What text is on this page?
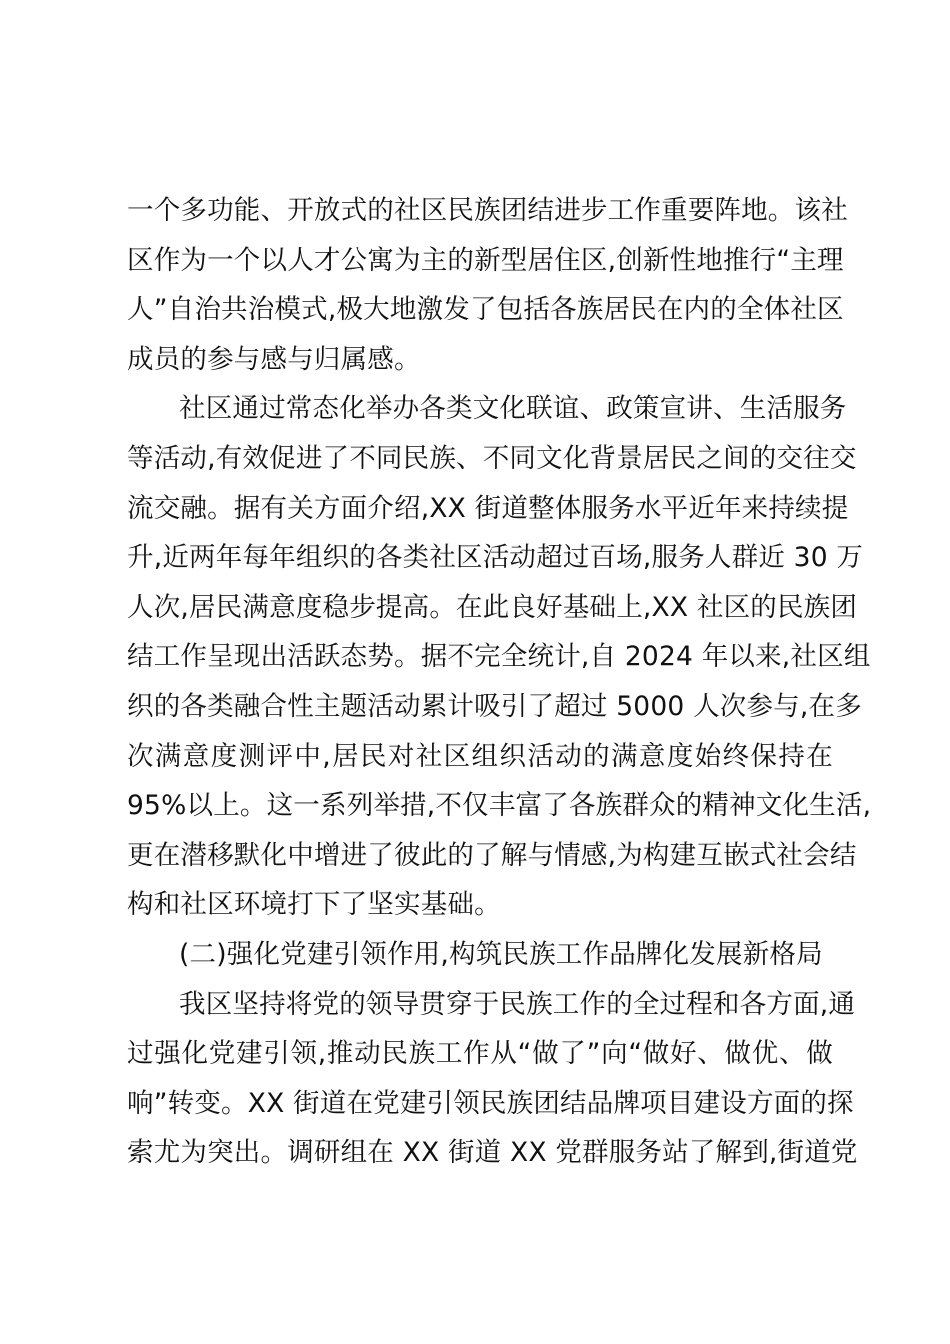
一个多功能、开放式的社区民族团结进步工作重要阵地。该社
区作为一个以人才公寓为主的新型居住区,创新性地推行“主理
人”自治共治模式,极大地激发了包括各族居民在内的全体社区
成员的参与感与归属感。
社区通过常态化举办各类文化联谊、政策宣讲、生活服务
等活动,有效促进了不同民族、不同文化背景居民之间的交往交
流交融。据有关方面介绍,XX 街道整体服务水平近年来持续提
升,近两年每年组织的各类社区活动超过百场,服务人群近 30 万
人次,居民满意度稳步提高。在此良好基础上,XX 社区的民族团
结工作呈现出活跃态势。据不完全统计,自 2024 年以来,社区组
织的各类融合性主题活动累计吸引了超过 5000 人次参与,在多
次满意度测评中,居民对社区组织活动的满意度始终保持在
95%以上。这一系列举措,不仅丰富了各族群众的精神文化生活,
更在潜移默化中增进了彼此的了解与情感,为构建互嵌式社会结
构和社区环境打下了坚实基础。
(二)强化党建引领作用,构筑民族工作品牌化发展新格局
我区坚持将党的领导贯穿于民族工作的全过程和各方面,通
过强化党建引领,推动民族工作从“做了”向“做好、做优、做
响”转变。XX 街道在党建引领民族团结品牌项目建设方面的探
索尤为突出。调研组在 XX 街道 XX 党群服务站了解到,街道党
